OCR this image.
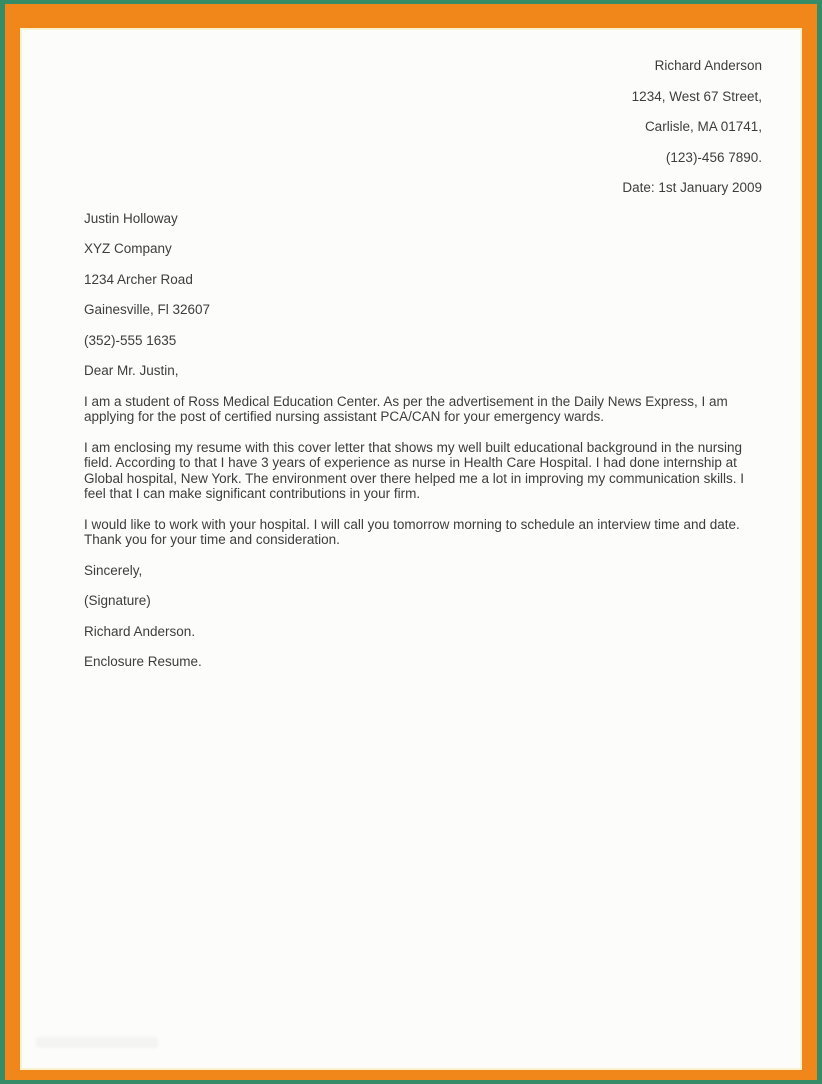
Richard Anderson

1234, West 67 Street,

Carlisle, MA 01741,

(123)-456 7890.

Date: 1st January 2009

Justin Holloway

XYZ Company

1234 Archer Road

Gainesville, Fl 32607

(352)-555 1635

Dear Mr. Justin,

I am a student of Ross Medical Education Center. As per the advertisement in the Daily News Express, I am applying for the post of certified nursing assistant PCA/CAN for your emergency wards.

I am enclosing my resume with this cover letter that shows my well built educational background in the nursing field. According to that I have 3 years of experience as nurse in Health Care Hospital. I had done internship at Global hospital, New York. The environment over there helped me a lot in improving my communication skills. I feel that I can make significant contributions in your firm.

I would like to work with your hospital. I will call you tomorrow morning to schedule an interview time and date. Thank you for your time and consideration.

Sincerely,

(Signature)

Richard Anderson.

Enclosure Resume.
